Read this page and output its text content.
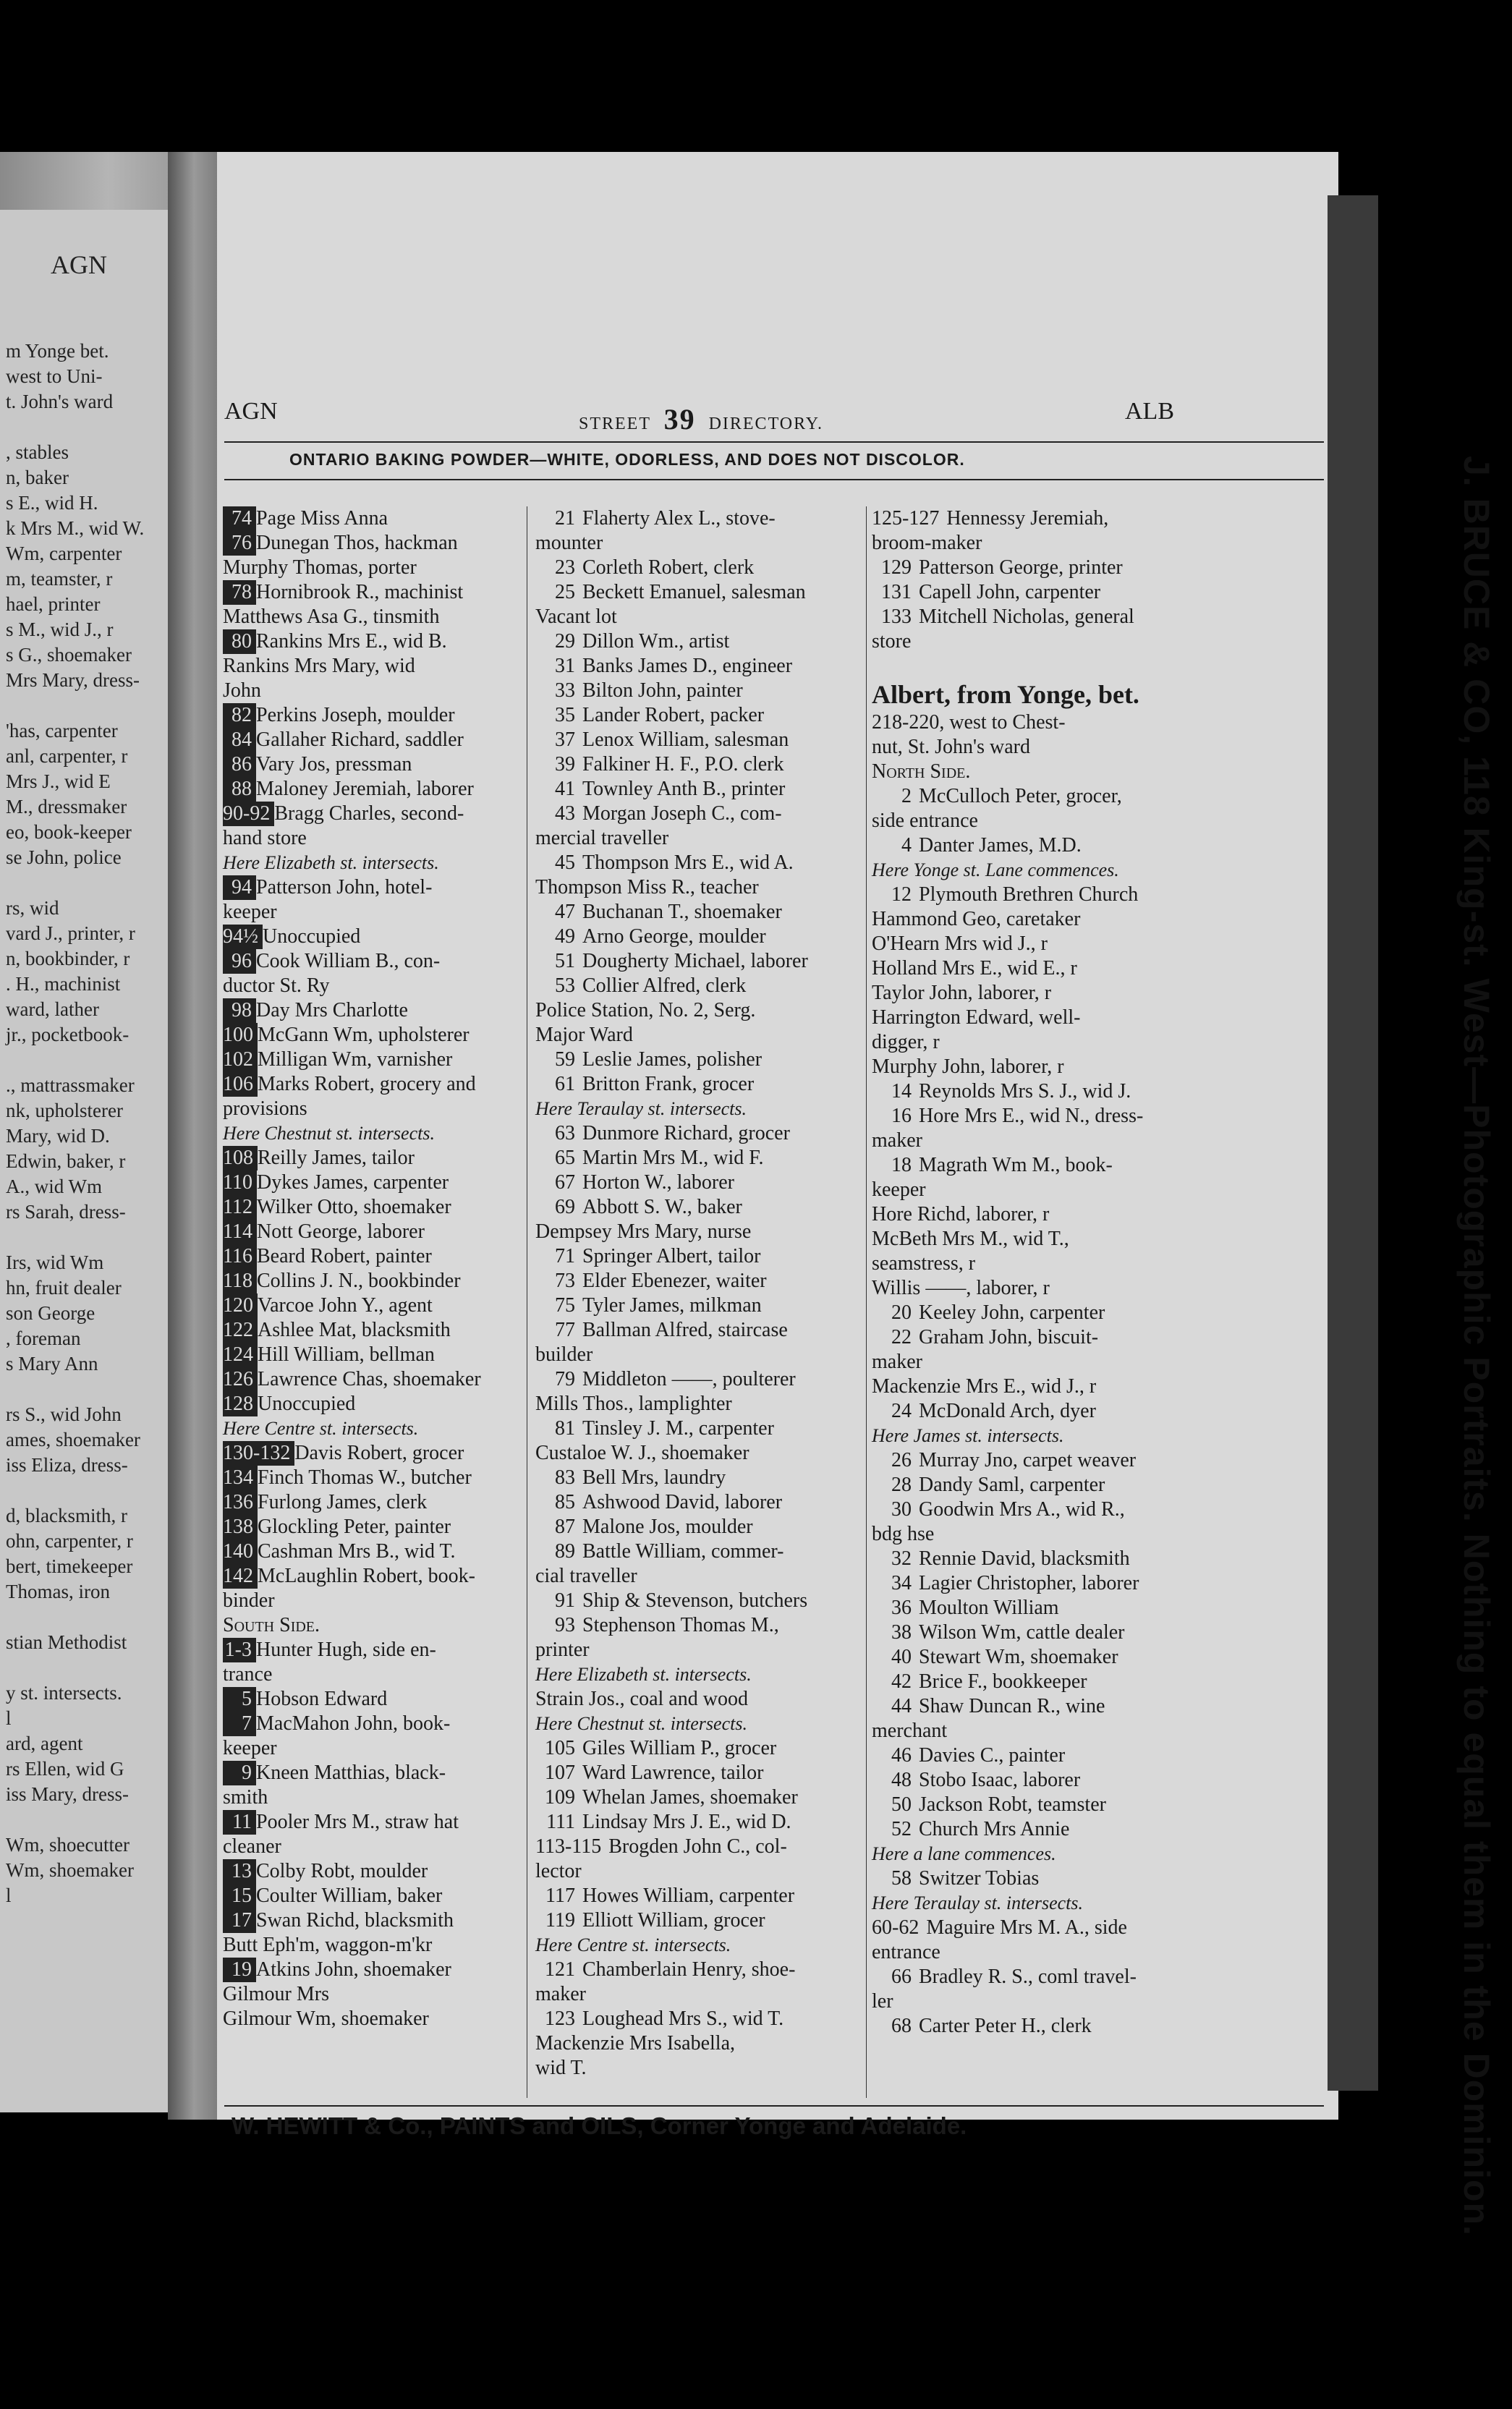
AGN
m Yonge bet.
west to Uni-
t. John's ward
, stables
n, baker
s E., wid H.
k Mrs M., wid W.
Wm, carpenter
m, teamster, r
hael, printer
s M., wid J., r
s G., shoemaker
Mrs Mary, dress-
'has, carpenter
anl, carpenter, r
Mrs J., wid E
M., dressmaker
eo, book-keeper
se John, police
rs, wid
vard J., printer, r
n, bookbinder, r
. H., machinist
ward, lather
jr., pocketbook-
., mattrassmaker
nk, upholsterer
Mary, wid D.
Edwin, baker, r
A., wid Wm
rs Sarah, dress-
Irs, wid Wm
hn, fruit dealer
son George
, foreman
s Mary Ann
rs S., wid John
ames, shoemaker
iss Eliza, dress-
d, blacksmith, r
ohn, carpenter, r
bert, timekeeper
Thomas, iron
stian Methodist
y st. intersects.
l
ard, agent
rs Ellen, wid G
iss Mary, dress-
Wm, shoecutter
Wm, shoemaker
l
AGN	STREET 39 DIRECTORY.	ALB
ONTARIO BAKING POWDER—WHITE, ODORLESS, AND DOES NOT DISCOLOR.
74 Page Miss Anna
76 Dunegan Thos, hackman
Murphy Thomas, porter
78 Hornibrook R., machinist
Matthews Asa G., tinsmith
80 Rankins Mrs E., wid B.
Rankins Mrs Mary, wid
John
82 Perkins Joseph, moulder
84 Gallaher Richard, saddler
86 Vary Jos, pressman
88 Maloney Jeremiah, laborer
90-92 Bragg Charles, second-
hand store
Here Elizabeth st. intersects.
94 Patterson John, hotel-
keeper
94½ Unoccupied
96 Cook William B., con-
ductor St. Ry
98 Day Mrs Charlotte
100 McGann Wm, upholsterer
102 Milligan Wm, varnisher
106 Marks Robert, grocery and
provisions
Here Chestnut st. intersects.
108 Reilly James, tailor
110 Dykes James, carpenter
112 Wilker Otto, shoemaker
114 Nott George, laborer
116 Beard Robert, painter
118 Collins J. N., bookbinder
120 Varcoe John Y., agent
122 Ashlee Mat, blacksmith
124 Hill William, bellman
126 Lawrence Chas, shoemaker
128 Unoccupied
Here Centre st. intersects.
130-132 Davis Robert, grocer
134 Finch Thomas W., butcher
136 Furlong James, clerk
138 Glockling Peter, painter
140 Cashman Mrs B., wid T.
142 McLaughlin Robert, book-
binder
South Side.
1-3 Hunter Hugh, side en-
trance
5 Hobson Edward
7 MacMahon John, book-
keeper
9 Kneen Matthias, black-
smith
11 Pooler Mrs M., straw hat
cleaner
13 Colby Robt, moulder
15 Coulter William, baker
17 Swan Richd, blacksmith
Butt Eph'm, waggon-m'kr
19 Atkins John, shoemaker
Gilmour Mrs
Gilmour Wm, shoemaker
21 Flaherty Alex L., stove-
mounter
23 Corleth Robert, clerk
25 Beckett Emanuel, salesman
Vacant lot
29 Dillon Wm., artist
31 Banks James D., engineer
33 Bilton John, painter
35 Lander Robert, packer
37 Lenox William, salesman
39 Falkiner H. F., P.O. clerk
41 Townley Anth B., printer
43 Morgan Joseph C., com-
mercial traveller
45 Thompson Mrs E., wid A.
Thompson Miss R., teacher
47 Buchanan T., shoemaker
49 Arno George, moulder
51 Dougherty Michael, laborer
53 Collier Alfred, clerk
Police Station, No. 2, Serg.
Major Ward
59 Leslie James, polisher
61 Britton Frank, grocer
Here Teraulay st. intersects.
63 Dunmore Richard, grocer
65 Martin Mrs M., wid F.
67 Horton W., laborer
69 Abbott S. W., baker
Dempsey Mrs Mary, nurse
71 Springer Albert, tailor
73 Elder Ebenezer, waiter
75 Tyler James, milkman
77 Ballman Alfred, staircase
builder
79 Middleton ——, poulterer
Mills Thos., lamplighter
81 Tinsley J. M., carpenter
Custaloe W. J., shoemaker
83 Bell Mrs, laundry
85 Ashwood David, laborer
87 Malone Jos, moulder
89 Battle William, commer-
cial traveller
91 Ship & Stevenson, butchers
93 Stephenson Thomas M.,
printer
Here Elizabeth st. intersects.
Strain Jos., coal and wood
Here Chestnut st. intersects.
105 Giles William P., grocer
107 Ward Lawrence, tailor
109 Whelan James, shoemaker
111 Lindsay Mrs J. E., wid D.
113-115 Brogden John C., col-
lector
117 Howes William, carpenter
119 Elliott William, grocer
Here Centre st. intersects.
121 Chamberlain Henry, shoe-
maker
123 Loughead Mrs S., wid T.
Mackenzie Mrs Isabella,
wid T.
125-127 Hennessy Jeremiah,
broom-maker
129 Patterson George, printer
131 Capell John, carpenter
133 Mitchell Nicholas, general
store
Albert, from Yonge, bet.
218-220, west to Chest-
nut, St. John's ward
North Side.
2 McCulloch Peter, grocer,
side entrance
4 Danter James, M.D.
Here Yonge st. Lane commences.
12 Plymouth Brethren Church
Hammond Geo, caretaker
O'Hearn Mrs wid J., r
Holland Mrs E., wid E., r
Taylor John, laborer, r
Harrington Edward, well-
digger, r
Murphy John, laborer, r
14 Reynolds Mrs S. J., wid J.
16 Hore Mrs E., wid N., dress-
maker
18 Magrath Wm M., book-
keeper
Hore Richd, laborer, r
McBeth Mrs M., wid T.,
seamstress, r
Willis ——, laborer, r
20 Keeley John, carpenter
22 Graham John, biscuit-
maker
Mackenzie Mrs E., wid J., r
24 McDonald Arch, dyer
Here James st. intersects.
26 Murray Jno, carpet weaver
28 Dandy Saml, carpenter
30 Goodwin Mrs A., wid R.,
bdg hse
32 Rennie David, blacksmith
34 Lagier Christopher, laborer
36 Moulton William
38 Wilson Wm, cattle dealer
40 Stewart Wm, shoemaker
42 Brice F., bookkeeper
44 Shaw Duncan R., wine
merchant
46 Davies C., painter
48 Stobo Isaac, laborer
50 Jackson Robt, teamster
52 Church Mrs Annie
Here a lane commences.
58 Switzer Tobias
Here Teraulay st. intersects.
60-62 Maguire Mrs M. A., side
entrance
66 Bradley R. S., coml travel-
ler
68 Carter Peter H., clerk
W. HEWITT & Co., PAINTS and OILS, Corner Yonge and Adelaide.	J. BRUCE & CO, 118 King-st. West—Photographic Portraits. Nothing to equal them in the Dominion.
